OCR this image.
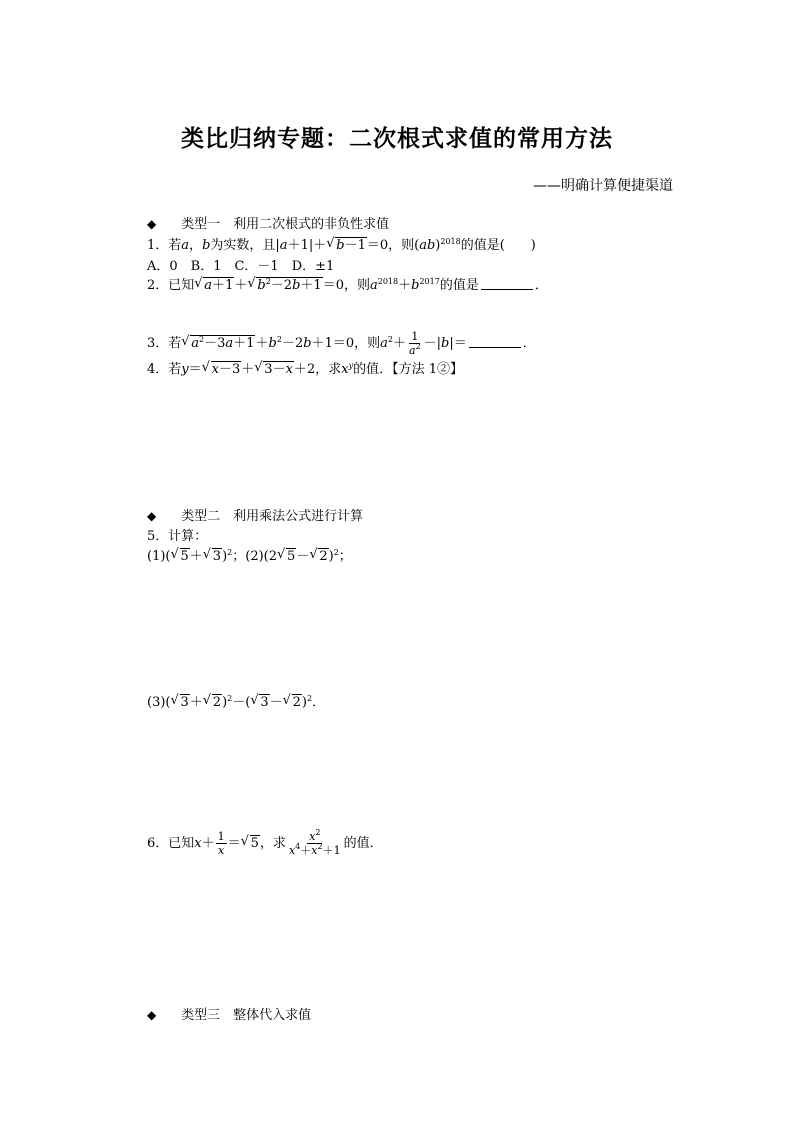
类比归纳专题：二次根式求值的常用方法
——明确计算便捷渠道
◆ 类型一　利用二次根式的非负性求值
1．若a，b为实数，且|a＋1|＋ √ b－1＝0，则(ab)$^{2018}$的值是(　　)
A．0　B．1　C．－1　D．±1
2．已知 √ a＋1＋ √ $b^2-2b+1=0$，则$a^{2018}+b^{2017}$的值是	．
3．若 √ $a^2-3a+1+b^2-2b+1=0$，则$a^2+ \frac{1}{a^2} -|b|=$	．
4．若y＝ √ x－3＋ √ 3－x＋2，求$x^y$的值．【方法 1②】
◆ 类型二　利用乘法公式进行计算
5．计算：
(1)( √ 5＋ √ 3)$^2$；(2)(2 √ 5－ √ 2)$^2$；
(3)( √ 3＋ √ 2)$^2$－( √ 3－ √ 2)$^2$．
6．已知$x+ \frac{1}{x}$ ＝ √ 5，求 $\frac{x^2}{x^4+x^2+1}$ 的值．
◆ 类型三　整体代入求值
